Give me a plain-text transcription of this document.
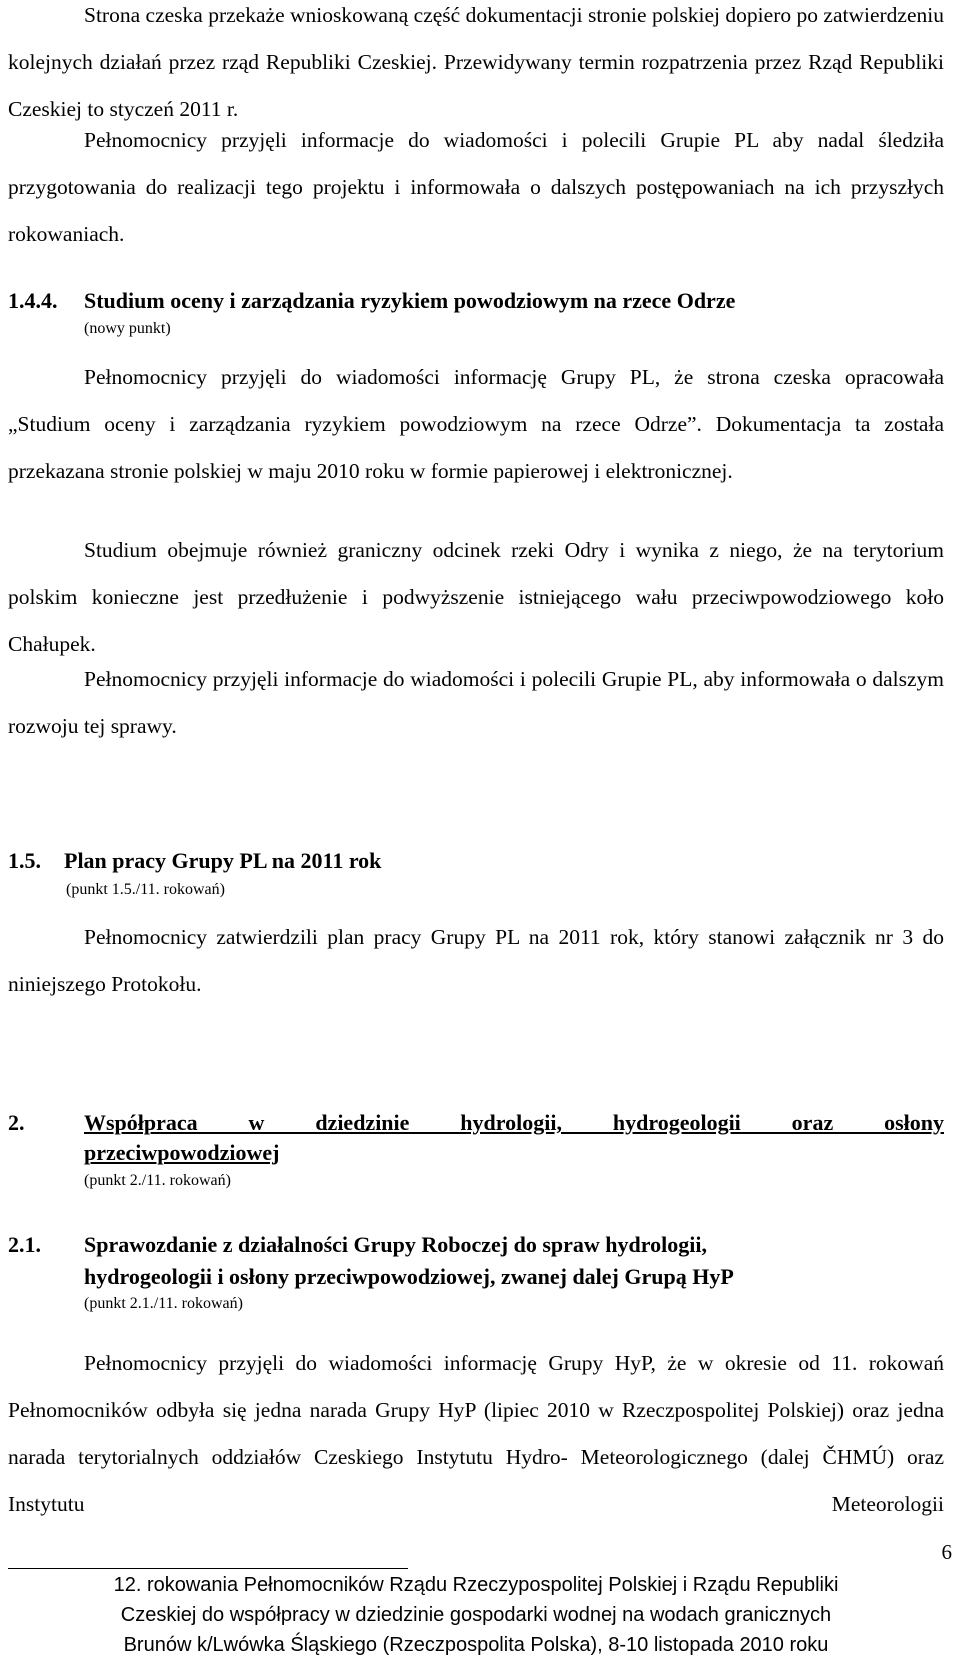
Strona czeska przekaże wnioskowaną część dokumentacji stronie polskiej dopiero po zatwierdzeniu kolejnych działań przez rząd Republiki Czeskiej. Przewidywany termin rozpatrzenia przez Rząd Republiki Czeskiej to styczeń 2011 r.

Pełnomocnicy przyjęli informacje do wiadomości i polecili Grupie PL aby nadal śledziła przygotowania do realizacji tego projektu i informowała o dalszych postępowaniach na ich przyszłych rokowaniach.

1.4.4. Studium oceny i zarządzania ryzykiem powodziowym na rzece Odrze
(nowy punkt)

Pełnomocnicy przyjęli do wiadomości informację Grupy PL, że strona czeska opracowała „Studium oceny i zarządzania ryzykiem powodziowym na rzece Odrze”. Dokumentacja ta została przekazana stronie polskiej w maju 2010 roku w formie papierowej i elektronicznej.

Studium obejmuje również graniczny odcinek rzeki Odry i wynika z niego, że na terytorium polskim konieczne jest przedłużenie i podwyższenie istniejącego wału przeciwpowodziowego koło Chałupek.

Pełnomocnicy przyjęli informacje do wiadomości i polecili Grupie PL, aby informowała o dalszym rozwoju tej sprawy.

1.5. Plan pracy Grupy PL na 2011 rok
(punkt 1.5./11. rokowań)

Pełnomocnicy zatwierdzili plan pracy Grupy PL na 2011 rok, który stanowi załącznik nr 3 do niniejszego Protokołu.

2.	Współpraca w dziedzinie hydrologii, hydrogeologii oraz osłony
przeciwpowodziowej
(punkt 2./11. rokowań)
2.1. Sprawozdanie z działalności Grupy Roboczej do spraw hydrologii,
hydrogeologii i osłony przeciwpowodziowej, zwanej dalej Grupą HyP
(punkt 2.1./11. rokowań)

Pełnomocnicy przyjęli do wiadomości informację Grupy HyP, że w okresie od 11. rokowań Pełnomocników odbyła się jedna narada Grupy HyP (lipiec 2010 w Rzeczpospolitej Polskiej) oraz jedna narada terytorialnych oddziałów Czeskiego Instytutu Hydro- Meteorologicznego (dalej ČHMÚ) oraz Instytutu Meteorologii

6
12. rokowania Pełnomocników Rządu Rzeczypospolitej Polskiej i Rządu Republiki
Czeskiej do współpracy w dziedzinie gospodarki wodnej na wodach granicznych
Brunów k/Lwówka Śląskiego (Rzeczpospolita Polska), 8-10 listopada 2010 roku
